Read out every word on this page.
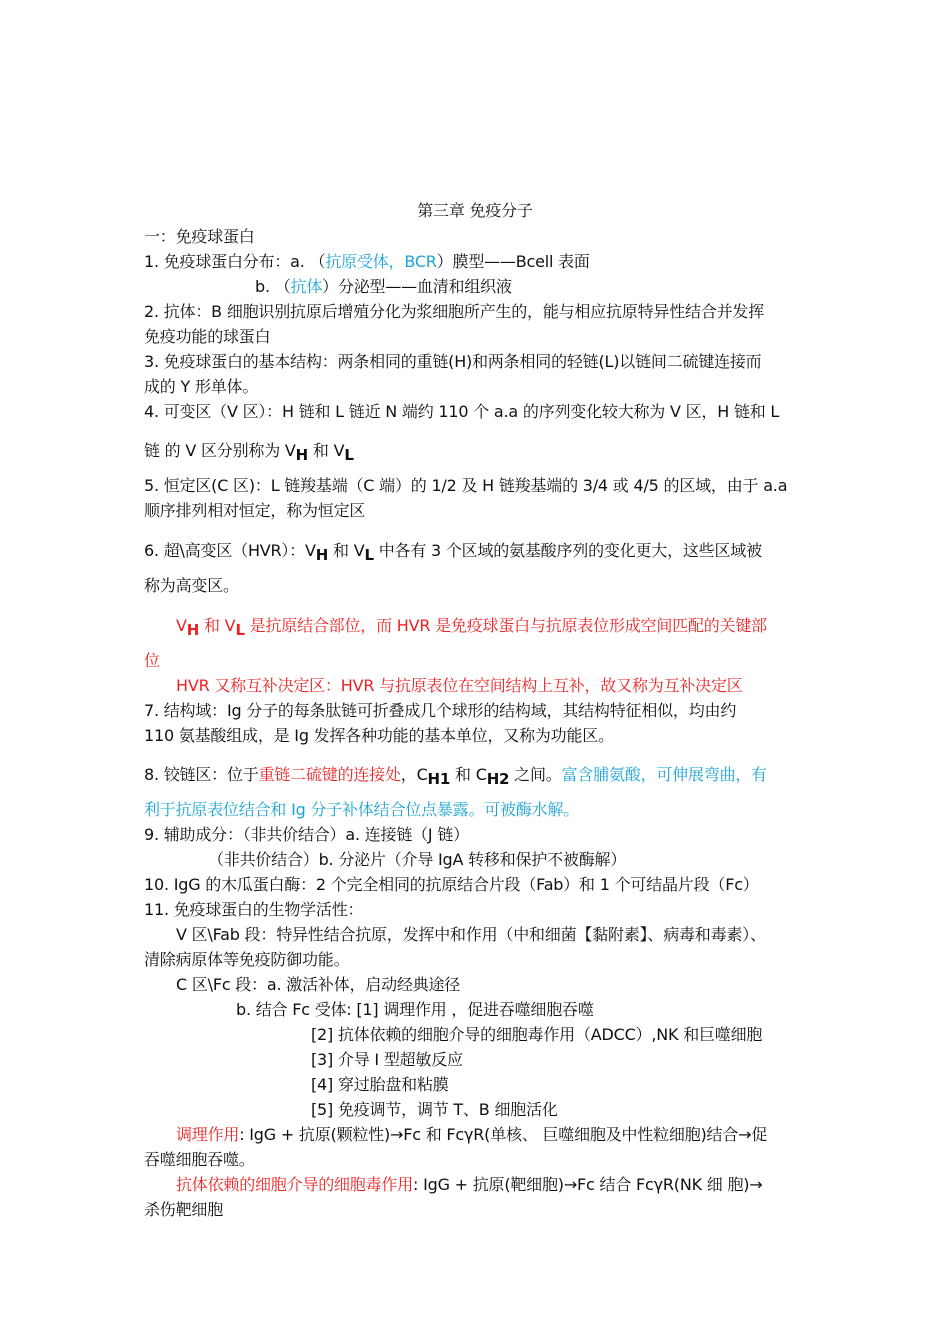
第三章 免疫分子
一：免疫球蛋白
1. 免疫球蛋白分布：a. （抗原受体，BCR）膜型——Bcell 表面
b. （抗体）分泌型——血清和组织液
2. 抗体：B 细胞识别抗原后增殖分化为浆细胞所产生的，能与相应抗原特异性结合并发挥
免疫功能的球蛋白
3. 免疫球蛋白的基本结构：两条相同的重链(H)和两条相同的轻链(L)以链间二硫键连接而
成的 Y 形单体。
4. 可变区（V 区）：H 链和 L 链近 N 端约 110 个 a.a 的序列变化较大称为 V 区，H 链和 L
链 的 V 区分别称为 VH 和 VL
5. 恒定区(C 区)：L 链羧基端（C 端）的 1/2 及 H 链羧基端的 3/4 或 4/5 的区域，由于 a.a
顺序排列相对恒定，称为恒定区
6. 超\高变区（HVR）：VH 和 VL 中各有 3 个区域的氨基酸序列的变化更大，这些区域被
称为高变区。
VH 和 VL 是抗原结合部位，而 HVR 是免疫球蛋白与抗原表位形成空间匹配的关键部
位
HVR 又称互补决定区：HVR 与抗原表位在空间结构上互补，故又称为互补决定区
7. 结构域：Ig 分子的每条肽链可折叠成几个球形的结构域，其结构特征相似，均由约
110 氨基酸组成，是 Ig 发挥各种功能的基本单位，又称为功能区。
8. 铰链区：位于重链二硫键的连接处，CH1 和 CH2 之间。富含脯氨酸，可伸展弯曲，有
利于抗原表位结合和 Ig 分子补体结合位点暴露。可被酶水解。
9. 辅助成分：（非共价结合）a. 连接链（J 链）
（非共价结合）b. 分泌片（介导 IgA 转移和保护不被酶解）
10. IgG 的木瓜蛋白酶：2 个完全相同的抗原结合片段（Fab）和 1 个可结晶片段（Fc）
11. 免疫球蛋白的生物学活性：
V 区\Fab 段：特异性结合抗原，发挥中和作用（中和细菌【黏附素】、病毒和毒素）、
清除病原体等免疫防御功能。
C 区\Fc 段：a. 激活补体，启动经典途径
b. 结合 Fc 受体: [1] 调理作用 ，促进吞噬细胞吞噬
[2] 抗体依赖的细胞介导的细胞毒作用（ADCC）,NK 和巨噬细胞
[3] 介导 I 型超敏反应
[4] 穿过胎盘和粘膜
[5] 免疫调节，调节 T、B 细胞活化
调理作用: IgG + 抗原(颗粒性)→Fc 和 FcγR(单核、 巨噬细胞及中性粒细胞)结合→促
吞噬细胞吞噬。
抗体依赖的细胞介导的细胞毒作用: IgG + 抗原(靶细胞)→Fc 结合 FcγR(NK 细 胞)→
杀伤靶细胞
